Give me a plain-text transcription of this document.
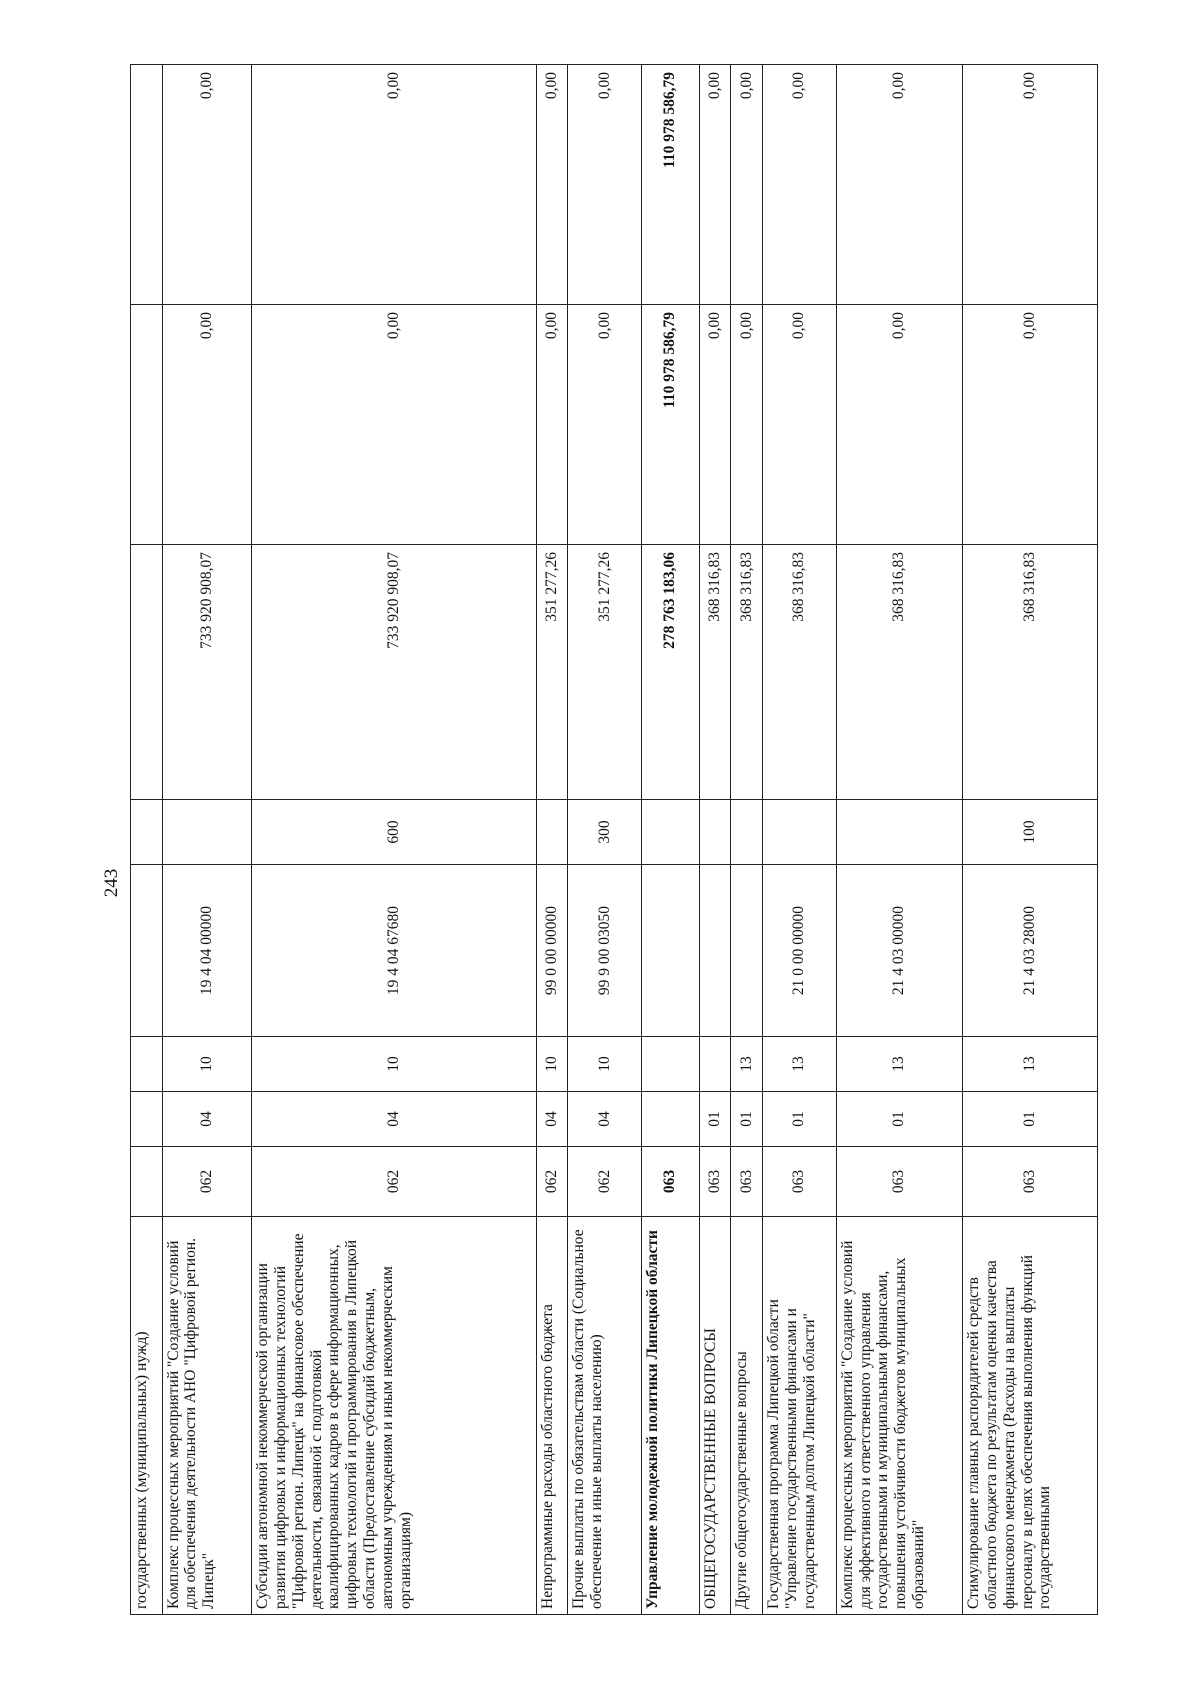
243
государственных (муниципальных) нужд)								
Комплекс процессных мероприятий "Создание условий для обеспечения деятельности АНО "Цифровой регион. Липецк"	062	04	10	19 4 04 00000		733 920 908,07	0,00	0,00
Субсидии автономной некоммерческой организации развития цифровых и информационных технологий "Цифровой регион. Липецк" на финансовое обеспечение деятельности, связанной с подготовкой квалифицированных кадров в сфере информационных, цифровых технологий и программирования в Липецкой области (Предоставление субсидий бюджетным, автономным учреждениям и иным некоммерческим организациям)	062	04	10	19 4 04 67680	600	733 920 908,07	0,00	0,00
Непрограммные расходы областного бюджета	062	04	10	99 0 00 00000		351 277,26	0,00	0,00
Прочие выплаты по обязательствам области (Социальное обеспечение и иные выплаты населению)	062	04	10	99 9 00 03050	300	351 277,26	0,00	0,00
Управление молодежной политики Липецкой области	063					278 763 183,06	110 978 586,79	110 978 586,79
ОБЩЕГОСУДАРСТВЕННЫЕ ВОПРОСЫ	063	01				368 316,83	0,00	0,00
Другие общегосударственные вопросы	063	01	13			368 316,83	0,00	0,00
Государственная программа Липецкой области "Управление государственными финансами и государственным долгом Липецкой области"	063	01	13	21 0 00 00000		368 316,83	0,00	0,00
Комплекс процессных мероприятий "Создание условий для эффективного и ответственного управления государственными и муниципальными финансами, повышения устойчивости бюджетов муниципальных образований"	063	01	13	21 4 03 00000		368 316,83	0,00	0,00
Стимулирование главных распорядителей средств областного бюджета по результатам оценки качества финансового менеджмента (Расходы на выплаты персоналу в целях обеспечения выполнения функций государственными	063	01	13	21 4 03 28000	100	368 316,83	0,00	0,00
